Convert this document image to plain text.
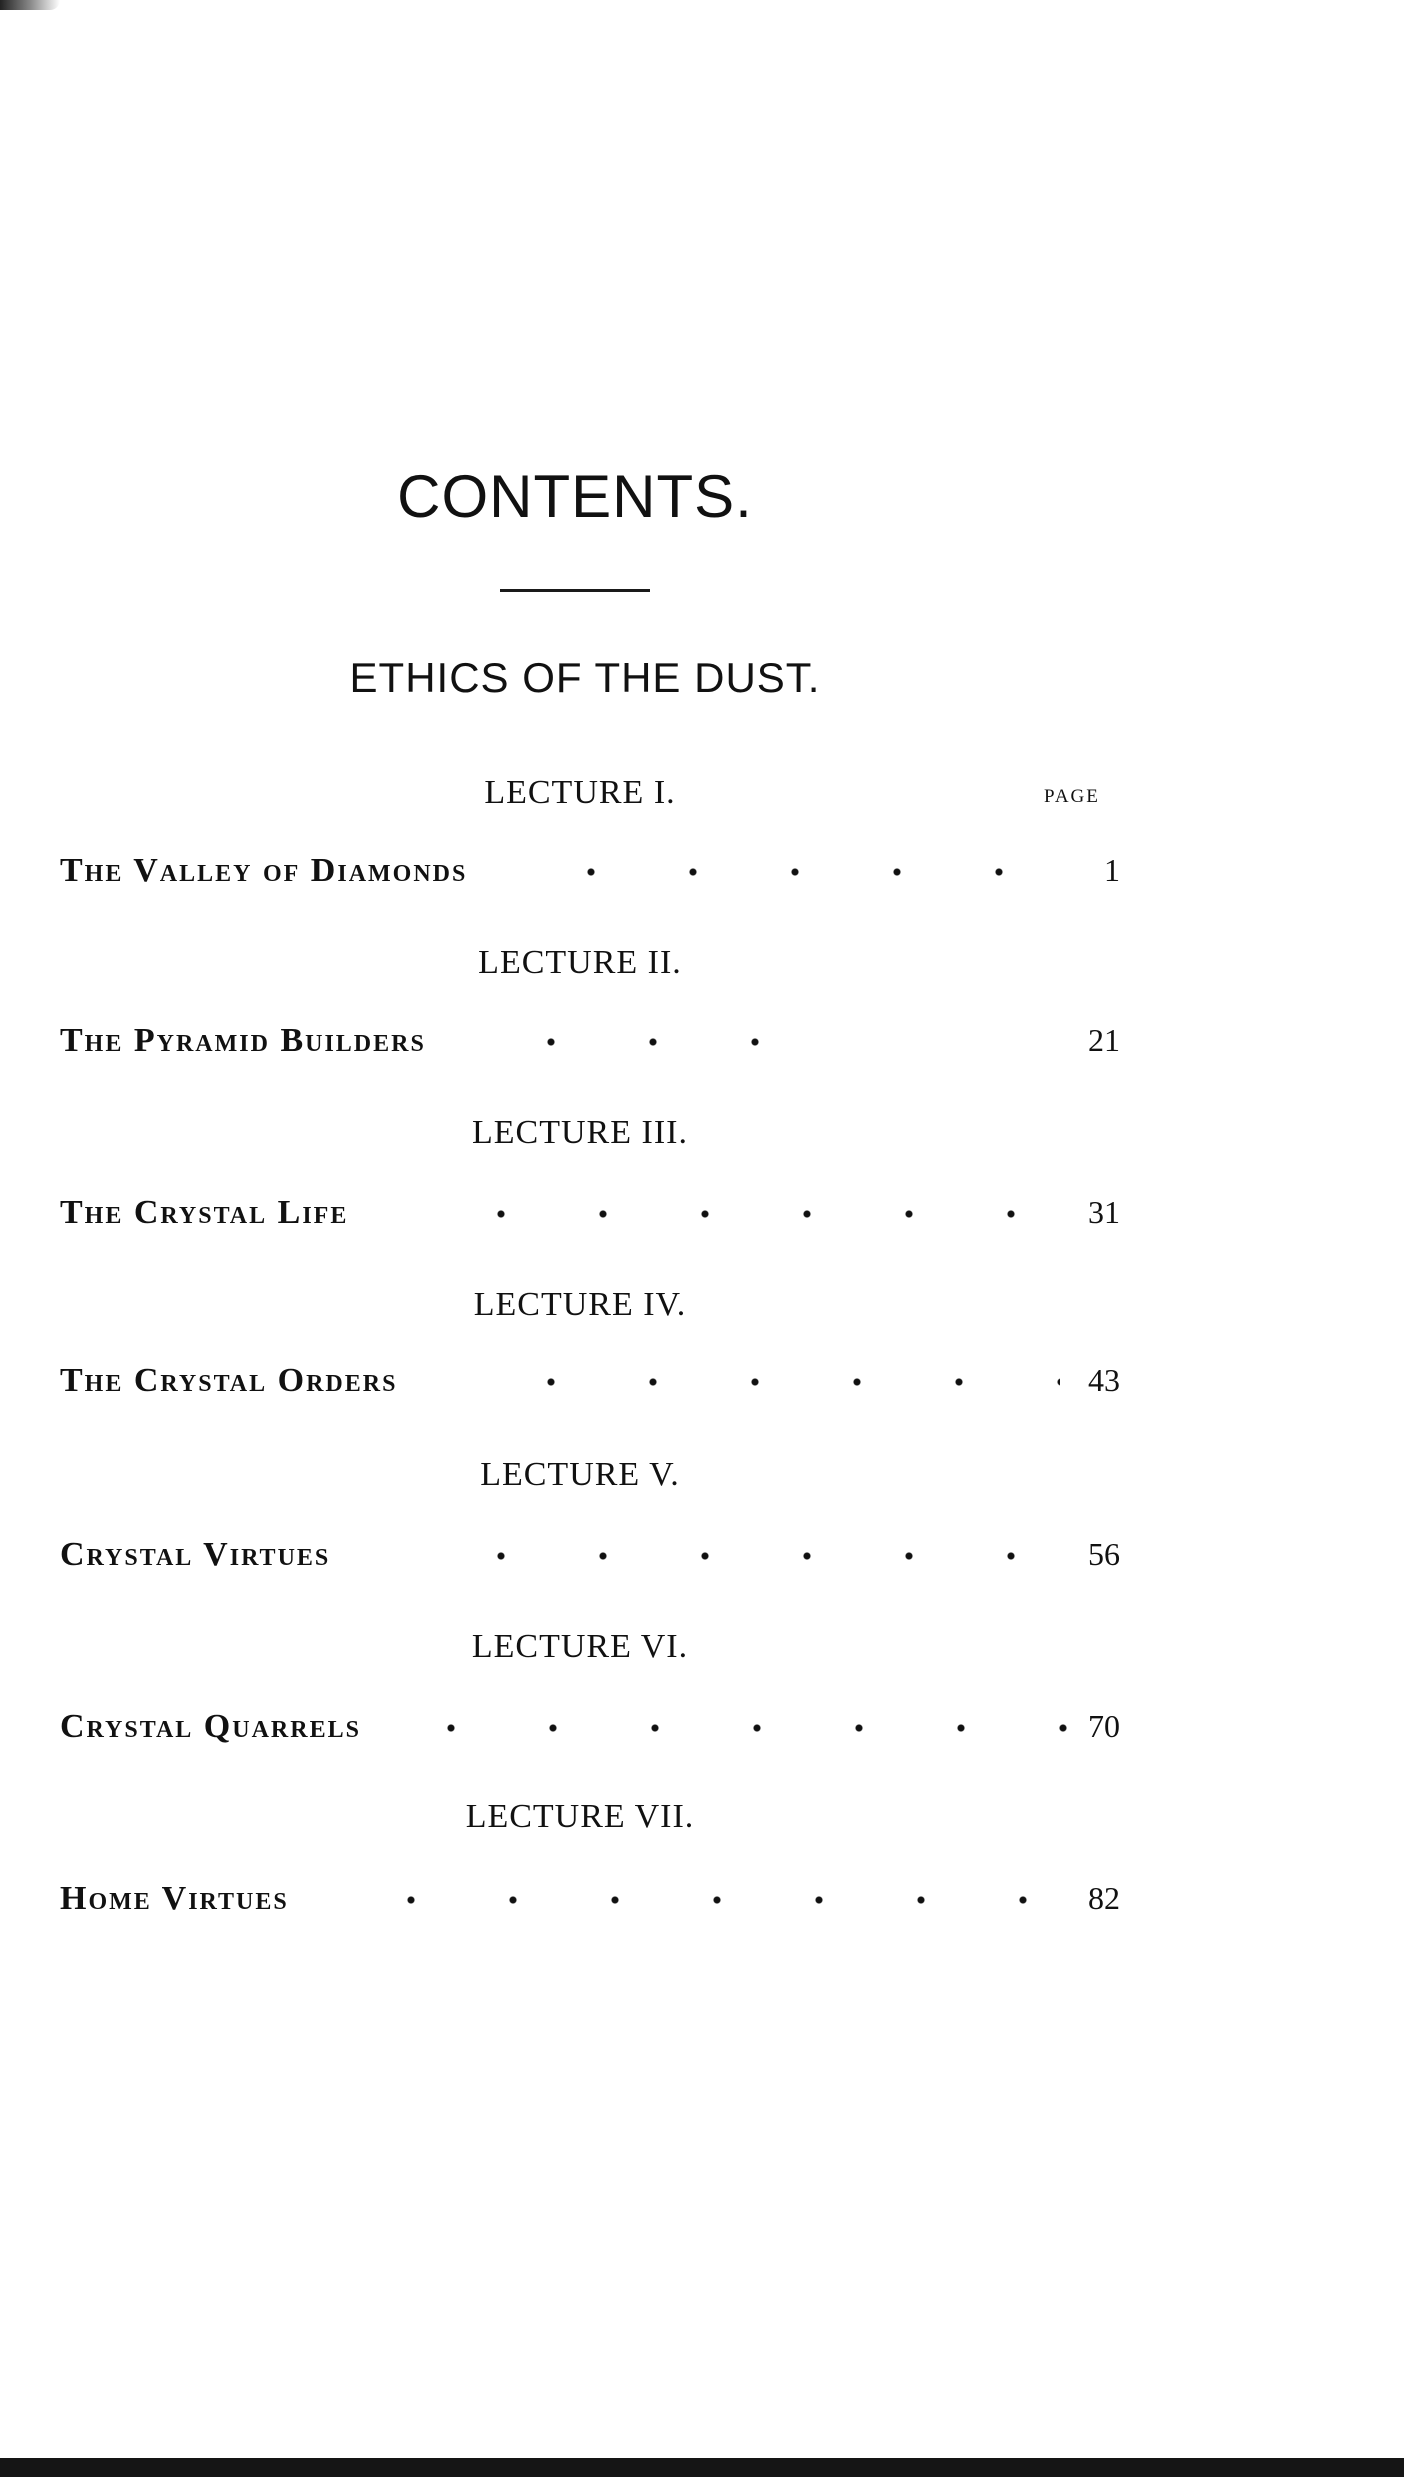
CONTENTS.
ETHICS OF THE DUST.
PAGE
LECTURE I.
The Valley of Diamonds	1
LECTURE II.
The Pyramid Builders	21
LECTURE III.
The Crystal Life	31
LECTURE IV.
The Crystal Orders	43
LECTURE V.
Crystal Virtues	56
LECTURE VI.
Crystal Quarrels	70
LECTURE VII.
Home Virtues	82
